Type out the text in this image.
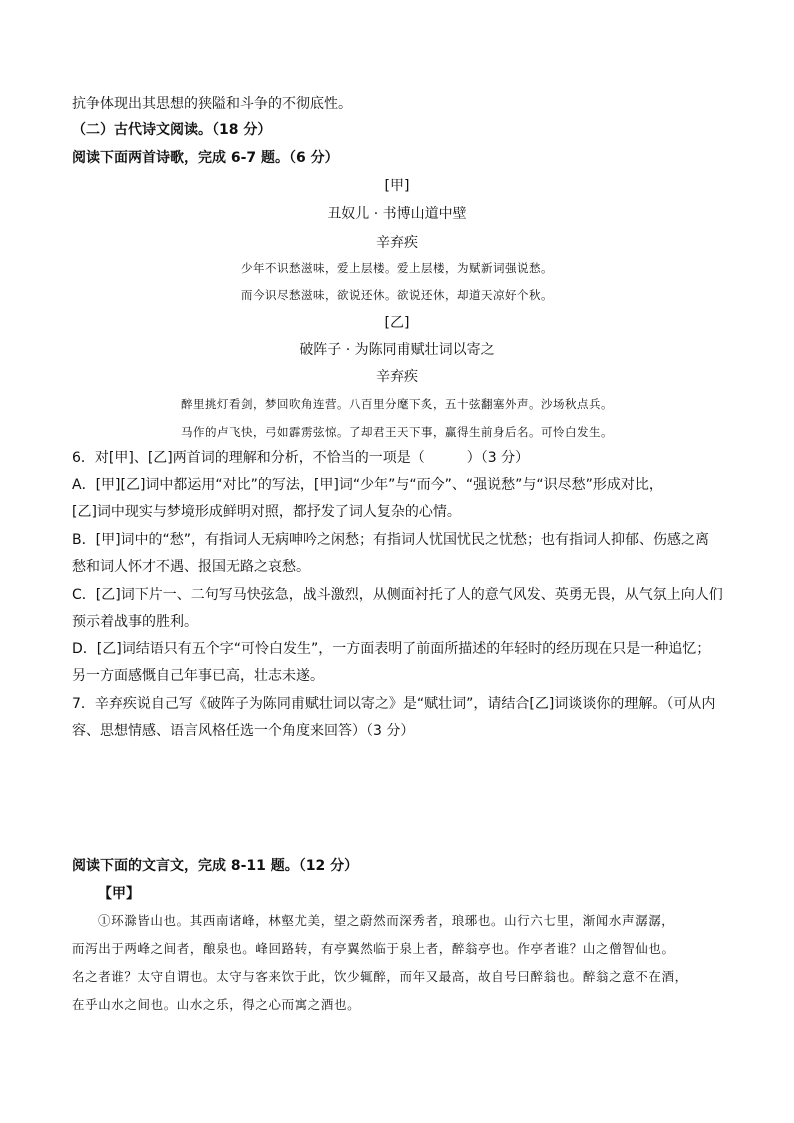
抗争体现出其思想的狭隘和斗争的不彻底性。
（二）古代诗文阅读。（18 分）
阅读下面两首诗歌，完成 6-7 题。（6 分）
[甲]
丑奴儿 · 书博山道中壁
辛弃疾
少年不识愁滋味，爱上层楼。爱上层楼，为赋新词强说愁。
而今识尽愁滋味，欲说还休。欲说还休，却道天凉好个秋。
[乙]
破阵子 · 为陈同甫赋壮词以寄之
辛弃疾
醉里挑灯看剑，梦回吹角连营。八百里分麾下炙，五十弦翻塞外声。沙场秋点兵。
马作的卢飞快，弓如霹雳弦惊。了却君王天下事，赢得生前身后名。可怜白发生。
6．对[甲]、[乙]两首词的理解和分析，不恰当的一项是（　　　）（3 分）
A．[甲][乙]词中都运用“对比”的写法，[甲]词“少年”与“而今”、“强说愁”与“识尽愁”形成对比，
[乙]词中现实与梦境形成鲜明对照，都抒发了词人复杂的心情。
B．[甲]词中的“愁”，有指词人无病呻吟之闲愁；有指词人忧国忧民之忧愁；也有指词人抑郁、伤感之离
愁和词人怀才不遇、报国无路之哀愁。
C．[乙]词下片一、二句写马快弦急，战斗激烈，从侧面衬托了人的意气风发、英勇无畏，从气氛上向人们
预示着战事的胜利。
D．[乙]词结语只有五个字“可怜白发生”，一方面表明了前面所描述的年轻时的经历现在只是一种追忆；
另一方面感慨自己年事已高，壮志未遂。
7．辛弃疾说自己写《破阵子为陈同甫赋壮词以寄之》是“赋壮词”，请结合[乙]词谈谈你的理解。（可从内
容、思想情感、语言风格任选一个角度来回答）（3 分）
阅读下面的文言文，完成 8-11 题。（12 分）
【甲】
①环滁皆山也。其西南诸峰，林壑尤美，望之蔚然而深秀者，琅琊也。山行六七里，渐闻水声潺潺，
而泻出于两峰之间者，酿泉也。峰回路转，有亭翼然临于泉上者，醉翁亭也。作亭者谁？山之僧智仙也。
名之者谁？太守自谓也。太守与客来饮于此，饮少辄醉，而年又最高，故自号曰醉翁也。醉翁之意不在酒，
在乎山水之间也。山水之乐，得之心而寓之酒也。
